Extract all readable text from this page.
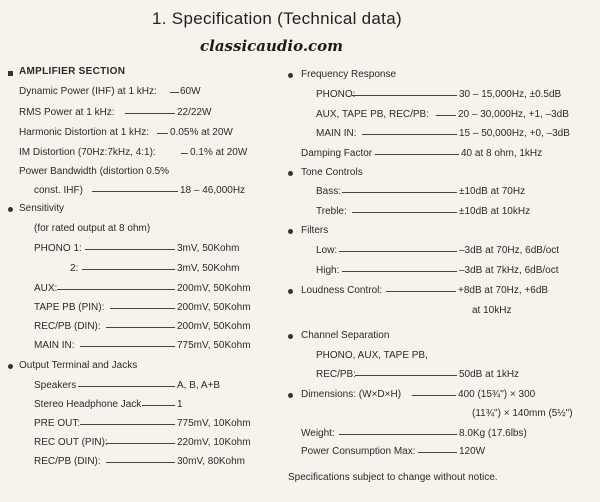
1. Specification (Technical data)
classicaudio.com
AMPLIFIER SECTION
Dynamic Power (IHF) at 1 kHz: 60W
RMS Power at 1 kHz:	22/22W
Harmonic Distortion at 1 kHz: 0.05% at 20W
IM Distortion (70Hz:7kHz, 4:1):	0.1% at 20W
Power Bandwidth (distortion 0.5%
const. IHF)	18 – 46,000Hz
Sensitivity
(for rated output at 8 ohm)
PHONO 1:	3mV, 50Kohm
2:	3mV, 50Kohm
AUX:	200mV, 50Kohm
TAPE PB (PIN):	200mV, 50Kohm
REC/PB (DIN):	200mV, 50Kohm
MAIN IN:	775mV, 50Kohm
Output Terminal and Jacks
Speakers	A, B, A+B
Stereo Headphone Jack	1
PRE OUT:	775mV, 10Kohm
REC OUT (PIN):	220mV, 10Kohm
REC/PB (DIN):	30mV, 80Kohm
Frequency Response
PHONO:	30 – 15,000Hz, ±0.5dB
AUX, TAPE PB, REC/PB:	20 – 30,000Hz, +1, –3dB
MAIN IN:	15 – 50,000Hz, +0, –3dB
Damping Factor	40 at 8 ohm, 1kHz
Tone Controls
Bass:	±10dB at 70Hz
Treble:	±10dB at 10kHz
Filters
Low:	–3dB at 70Hz, 6dB/oct
High:	–3dB at 7kHz, 6dB/oct
Loudness Control:	+8dB at 70Hz, +6dB
at 10kHz
Channel Separation
PHONO, AUX, TAPE PB,
REC/PB:	50dB at 1kHz
Dimensions: (W×D×H)	400 (15¾") × 300
(11¾") × 140mm (5½")
Weight:	8.0Kg (17.6lbs)
Power Consumption Max:	120W
Specifications subject to change without notice.
